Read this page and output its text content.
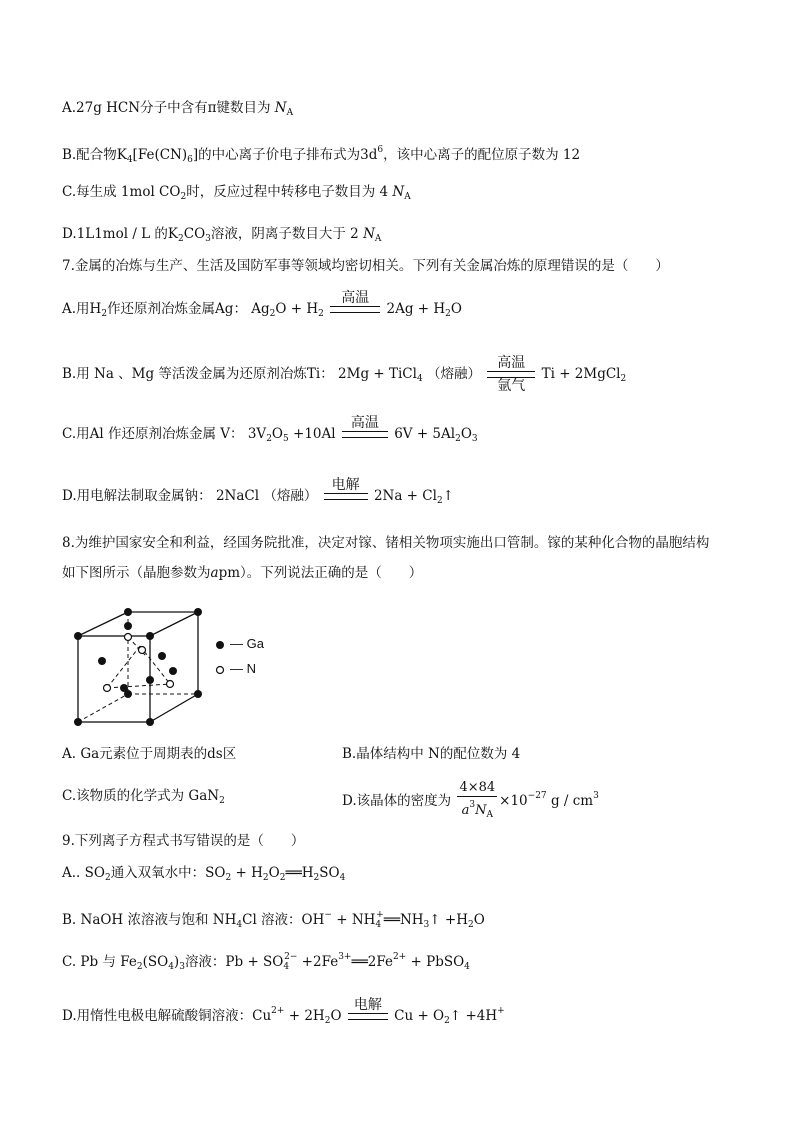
A.27g HCN分子中含有π键数目为 $N_A$
B.配合物$K_4[Fe(CN)_6]$的中心离子价电子排布式为$3d^6$，该中心离子的配位原子数为 12
C.每生成 1mol $CO_2$时，反应过程中转移电子数目为 4 $N_A$
D.1L1mol / L 的$K_2CO_3$溶液，阴离子数目大于 2 $N_A$
7.金属的冶炼与生产、生活及国防军事等领域均密切相关。下列有关金属冶炼的原理错误的是（　　）
A.用$H_2$作还原剂冶炼金属Ag： $Ag_2O + H_2$
高温

$2Ag + H_2O$
B.用 Na 、Mg 等活泼金属为还原剂冶炼Ti： 2Mg + TiCl$_4$ （熔融）
高温
氩气
Ti + 2MgCl$_2$
C.用Al 作还原剂冶炼金属 V： $3V_2O_5 +10Al$
高温

$6V + 5Al_2O_3$
D.用电解法制取金属钠： 2NaCl （熔融）
电解

$2Na + Cl_2↑$
8.为维护国家安全和利益，经国务院批准，决定对镓、锗相关物项实施出口管制。镓的某种化合物的晶胞结构
如下图所示（晶胞参数为apm）。下列说法正确的是（　　）
— Ga
— N
A. Ga元素位于周期表的ds区	B.晶体结构中 N的配位数为 4
C.该物质的化学式为 GaN$_2$	D.该晶体的密度为 $\frac{4\times 84}{a^3N_A} \times 10^{-27}$ g / $cm^3$
9.下列离子方程式书写错误的是（　　）
A.. $SO_2$通入双氧水中：$SO_2$ + $H_2O_2══H_2SO_4$
B. NaOH 浓溶液与饱和 $NH_4Cl$ 溶液：$OH^- + NH_4^+══NH_3↑ +H_2O$
C. Pb 与 $Fe_2(SO_4)_3$溶液：$Pb + SO_4^{2-}$ $+2Fe^{3+}══2Fe^{2+}$ + PbSO$_4$
D.用惰性电极电解硫酸铜溶液：$Cu^{2+} + 2H_2O$
电解

$Cu + O_2↑ +4H^+$
